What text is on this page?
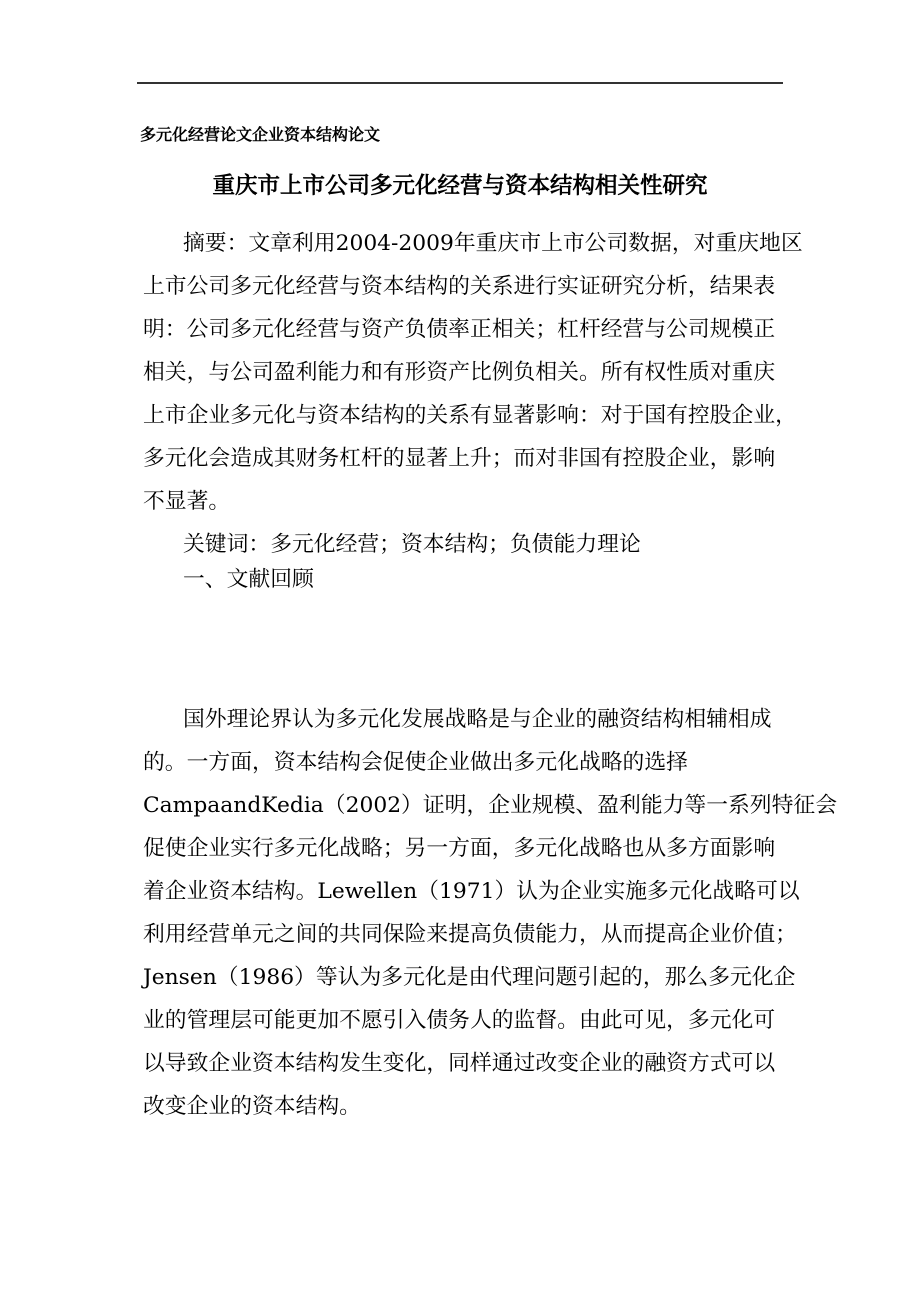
多元化经营论文企业资本结构论文
重庆市上市公司多元化经营与资本结构相关性研究
摘要：文章利用2004-2009年重庆市上市公司数据，对重庆地区
上市公司多元化经营与资本结构的关系进行实证研究分析，结果表
明：公司多元化经营与资产负债率正相关；杠杆经营与公司规模正
相关，与公司盈利能力和有形资产比例负相关。所有权性质对重庆
上市企业多元化与资本结构的关系有显著影响：对于国有控股企业，
多元化会造成其财务杠杆的显著上升；而对非国有控股企业，影响
不显著。
关键词：多元化经营；资本结构；负债能力理论
一、文献回顾
国外理论界认为多元化发展战略是与企业的融资结构相辅相成
的。一方面，资本结构会促使企业做出多元化战略的选择
CampaandKedia（2002）证明，企业规模、盈利能力等一系列特征会
促使企业实行多元化战略；另一方面，多元化战略也从多方面影响
着企业资本结构。Lewellen（1971）认为企业实施多元化战略可以
利用经营单元之间的共同保险来提高负债能力，从而提高企业价值；
Jensen（1986）等认为多元化是由代理问题引起的，那么多元化企
业的管理层可能更加不愿引入债务人的监督。由此可见，多元化可
以导致企业资本结构发生变化，同样通过改变企业的融资方式可以
改变企业的资本结构。
